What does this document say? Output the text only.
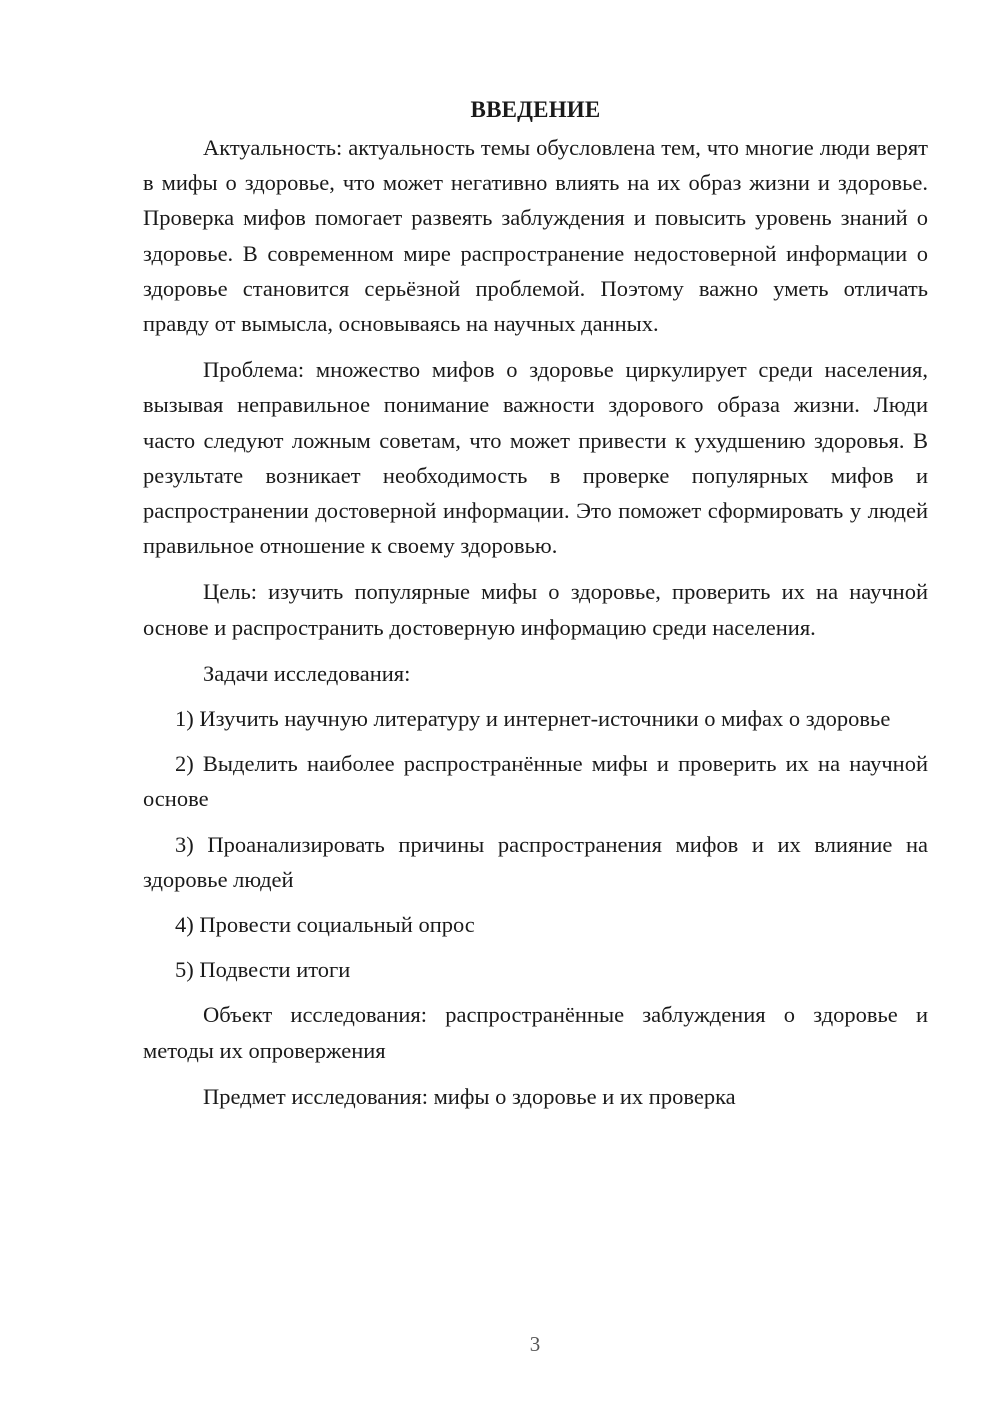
ВВЕДЕНИЕ

Актуальность: актуальность темы обусловлена тем, что многие люди верят в мифы о здоровье, что может негативно влиять на их образ жизни и здоровье. Проверка мифов помогает развеять заблуждения и повысить уровень знаний о здоровье. В современном мире распространение недостоверной информации о здоровье становится серьёзной проблемой. Поэтому важно уметь отличать правду от вымысла, основываясь на научных данных.

Проблема: множество мифов о здоровье циркулирует среди населения, вызывая неправильное понимание важности здорового образа жизни. Люди часто следуют ложным советам, что может привести к ухудшению здоровья. В результате возникает необходимость в проверке популярных мифов и распространении достоверной информации. Это поможет сформировать у людей правильное отношение к своему здоровью.

Цель: изучить популярные мифы о здоровье, проверить их на научной основе и распространить достоверную информацию среди населения.

Задачи исследования:

1) Изучить научную литературу и интернет-источники о мифах о здоровье

2) Выделить наиболее распространённые мифы и проверить их на научной основе

3) Проанализировать причины распространения мифов и их влияние на здоровье людей

4) Провести социальный опрос

5) Подвести итоги

Объект исследования: распространённые заблуждения о здоровье и методы их опровержения

Предмет исследования: мифы о здоровье и их проверка

3
